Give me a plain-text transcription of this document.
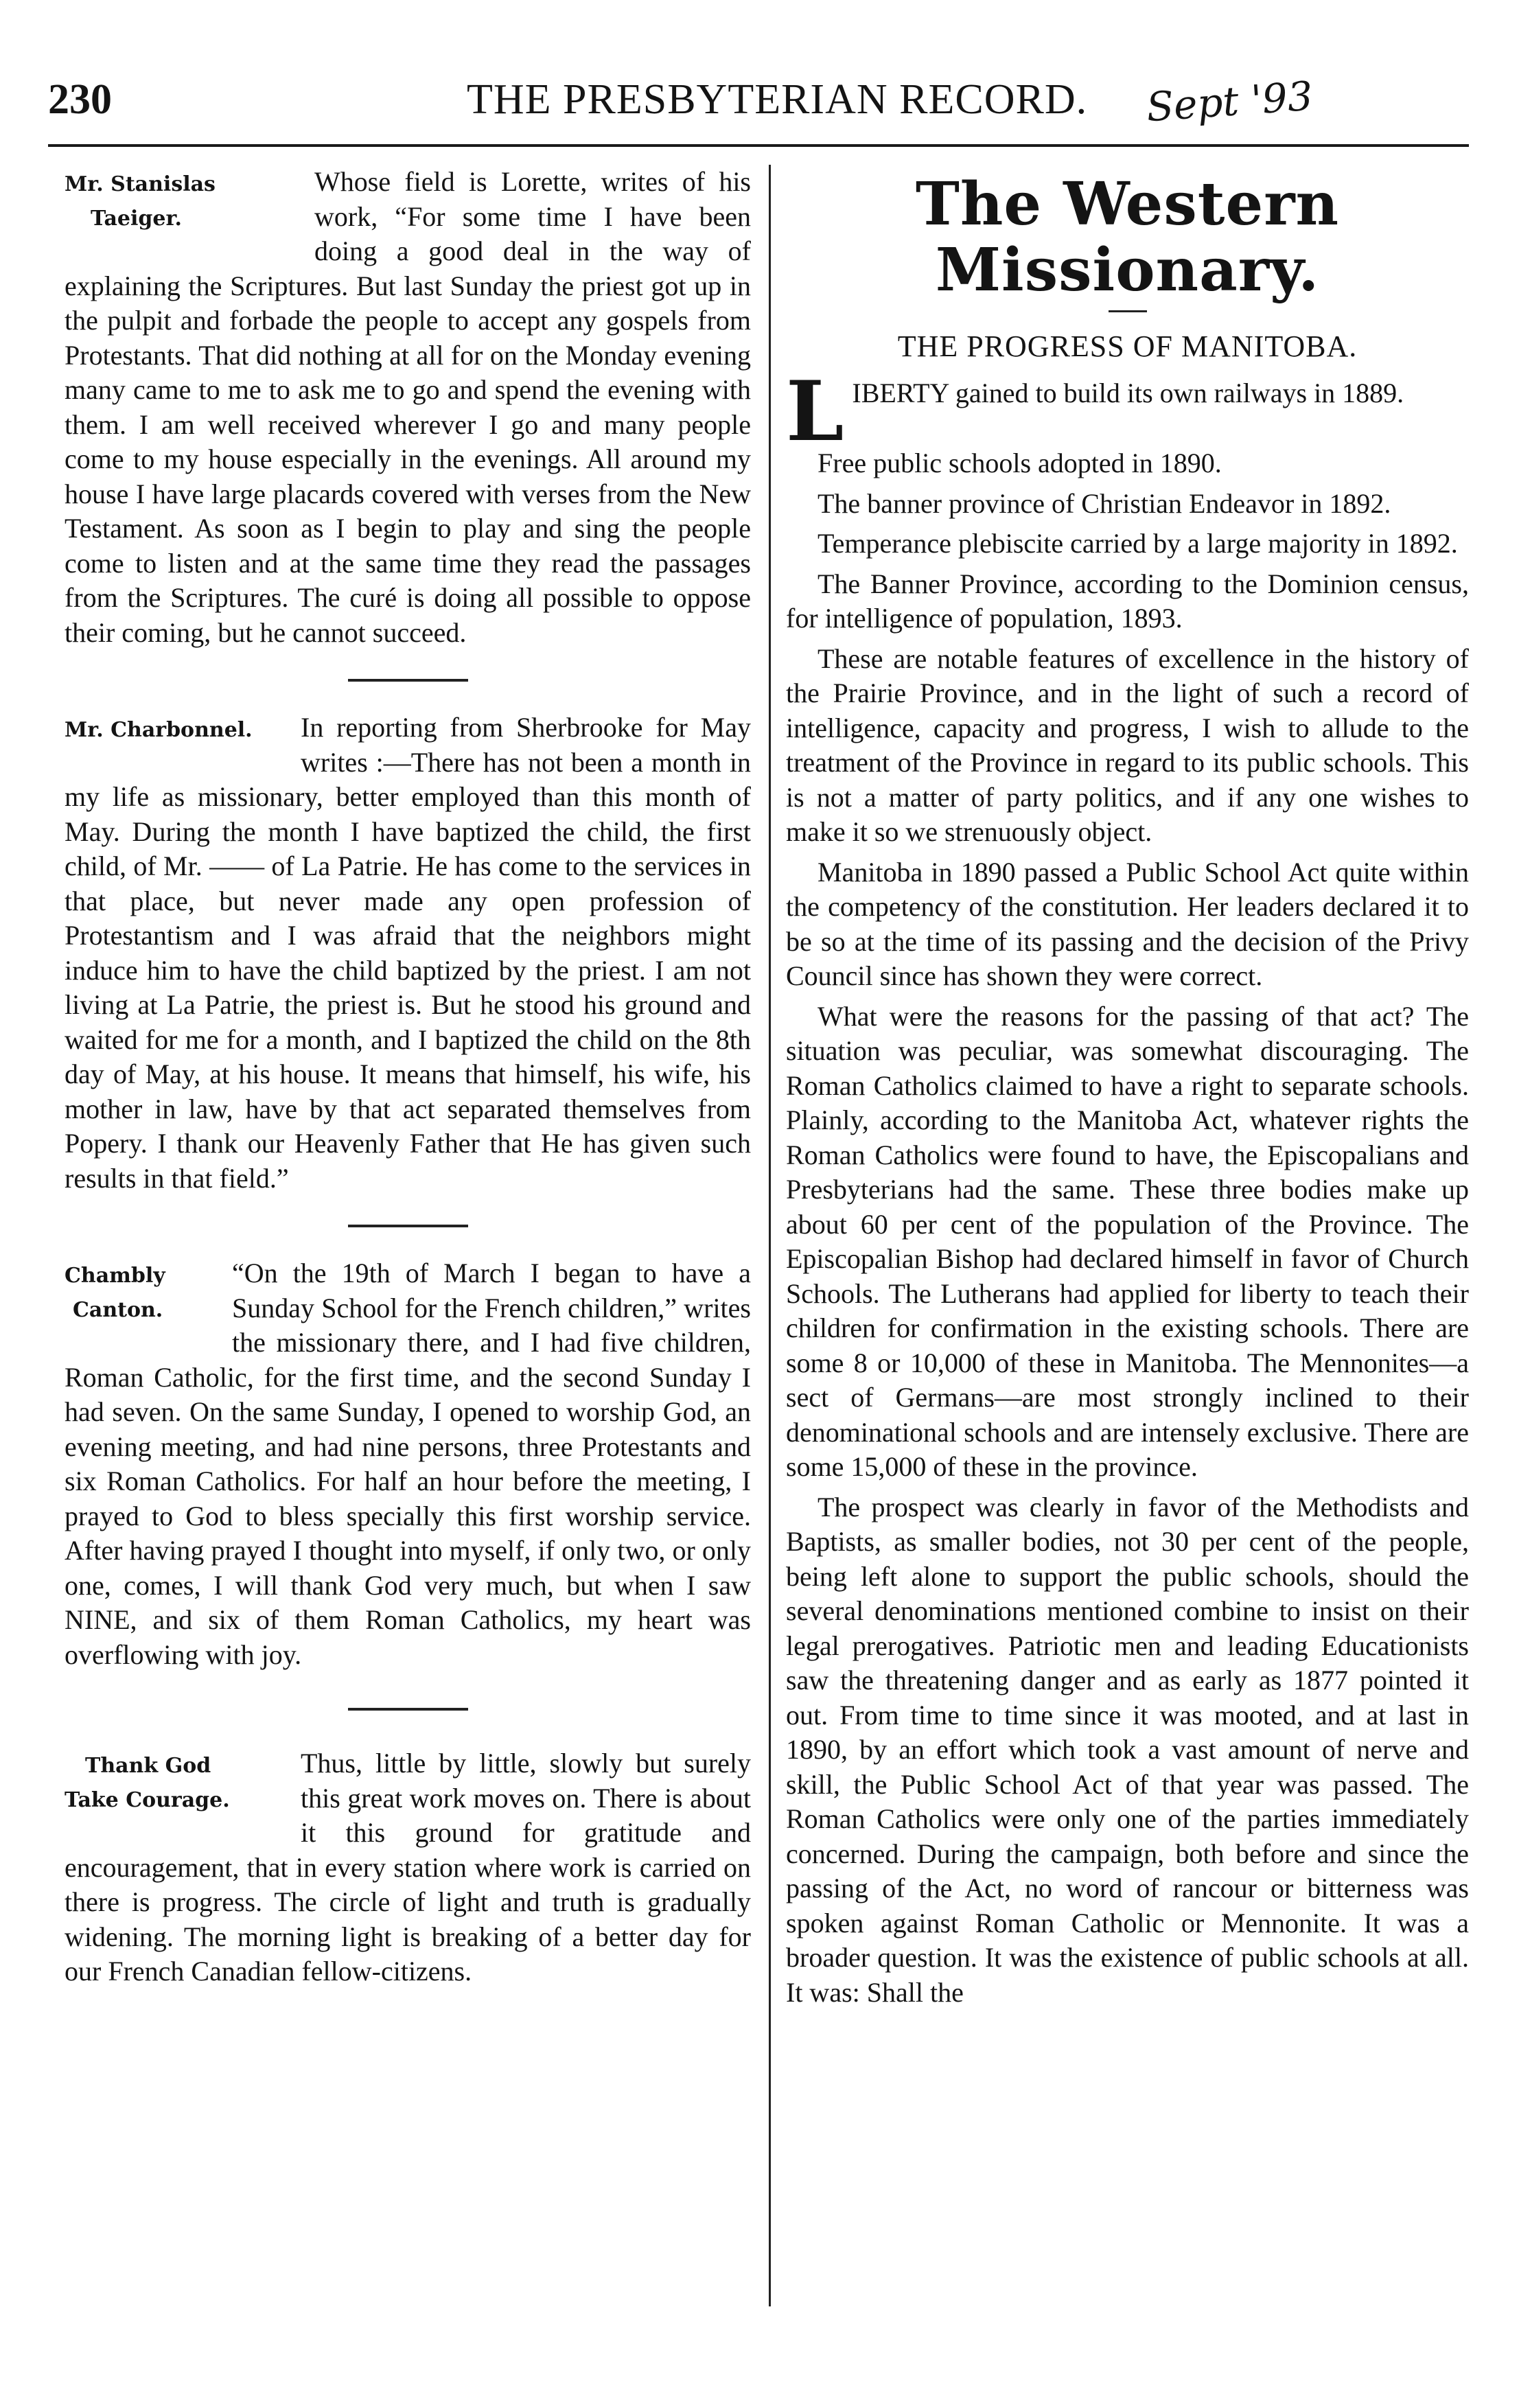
230	THE PRESBYTERIAN RECORD. Sept '93
Mr. Stanislas
Taeiger.

Whose field is Lorette, writes of his work, “For some time I have been doing a good deal in the way of explaining the Scriptures. But last Sunday the priest got up in the pulpit and forbade the people to accept any gospels from Protestants. That did nothing at all for on the Monday evening many came to me to ask me to go and spend the evening with them. I am well received wherever I go and many people come to my house especially in the evenings. All around my house I have large placards covered with verses from the New Testament. As soon as I begin to play and sing the people come to listen and at the same time they read the passages from the Scriptures. The curé is doing all possible to oppose their coming, but he cannot succeed.

Mr. Charbonnel.	In reporting from Sherbrooke for May writes :—There has not been a month in my life as missionary, better employed than this month of May. During the month I have baptized the child, the first child, of Mr. —— of La Patrie. He has come to the services in that place, but never made any open profession of Protestantism and I was afraid that the neighbors might induce him to have the child baptized by the priest. I am not living at La Patrie, the priest is. But he stood his ground and waited for me for a month, and I baptized the child on the 8th day of May, at his house. It means that himself, his wife, his mother in law, have by that act separated themselves from Popery. I thank our Heavenly Father that He has given such results in that field.”

Chambly
Canton.

“On the 19th of March I began to have a Sunday School for the French children,” writes the missionary there, and I had five children, Roman Catholic, for the first time, and the second Sunday I had seven. On the same Sunday, I opened to worship God, an evening meeting, and had nine persons, three Protestants and six Roman Catholics. For half an hour before the meeting, I prayed to God to bless specially this first worship service. After having prayed I thought into myself, if only two, or only one, comes, I will thank God very much, but when I saw NINE, and six of them Roman Catholics, my heart was overflowing with joy.

Thank God
Take Courage.

Thus, little by little, slowly but surely this great work moves on. There is about it this ground for gratitude and encouragement, that in every station where work is carried on there is progress. The circle of light and truth is gradually widening. The morning light is breaking of a better day for our French Canadian fellow-citizens.

The Western Missionary.
THE PROGRESS OF MANITOBA.

LIBERTY gained to build its own railways in 1889.

Free public schools adopted in 1890.

The banner province of Christian Endeavor in 1892.

Temperance plebiscite carried by a large majority in 1892.

The Banner Province, according to the Dominion census, for intelligence of population, 1893.

These are notable features of excellence in the history of the Prairie Province, and in the light of such a record of intelligence, capacity and progress, I wish to allude to the treatment of the Province in regard to its public schools. This is not a matter of party politics, and if any one wishes to make it so we strenuously object.

Manitoba in 1890 passed a Public School Act quite within the competency of the constitution. Her leaders declared it to be so at the time of its passing and the decision of the Privy Council since has shown they were correct.

What were the reasons for the passing of that act? The situation was peculiar, was somewhat discouraging. The Roman Catholics claimed to have a right to separate schools. Plainly, according to the Manitoba Act, whatever rights the Roman Catholics were found to have, the Episcopalians and Presbyterians had the same. These three bodies make up about 60 per cent of the population of the Province. The Episcopalian Bishop had declared himself in favor of Church Schools. The Lutherans had applied for liberty to teach their children for confirmation in the existing schools. There are some 8 or 10,000 of these in Manitoba. The Mennonites—a sect of Germans—are most strongly inclined to their denominational schools and are intensely exclusive. There are some 15,000 of these in the province.

The prospect was clearly in favor of the Methodists and Baptists, as smaller bodies, not 30 per cent of the people, being left alone to support the public schools, should the several denominations mentioned combine to insist on their legal prerogatives. Patriotic men and leading Educationists saw the threatening danger and as early as 1877 pointed it out. From time to time since it was mooted, and at last in 1890, by an effort which took a vast amount of nerve and skill, the Public School Act of that year was passed. The Roman Catholics were only one of the parties immediately concerned. During the campaign, both before and since the passing of the Act, no word of rancour or bitterness was spoken against Roman Catholic or Mennonite. It was a broader question. It was the existence of public schools at all. It was: Shall the
